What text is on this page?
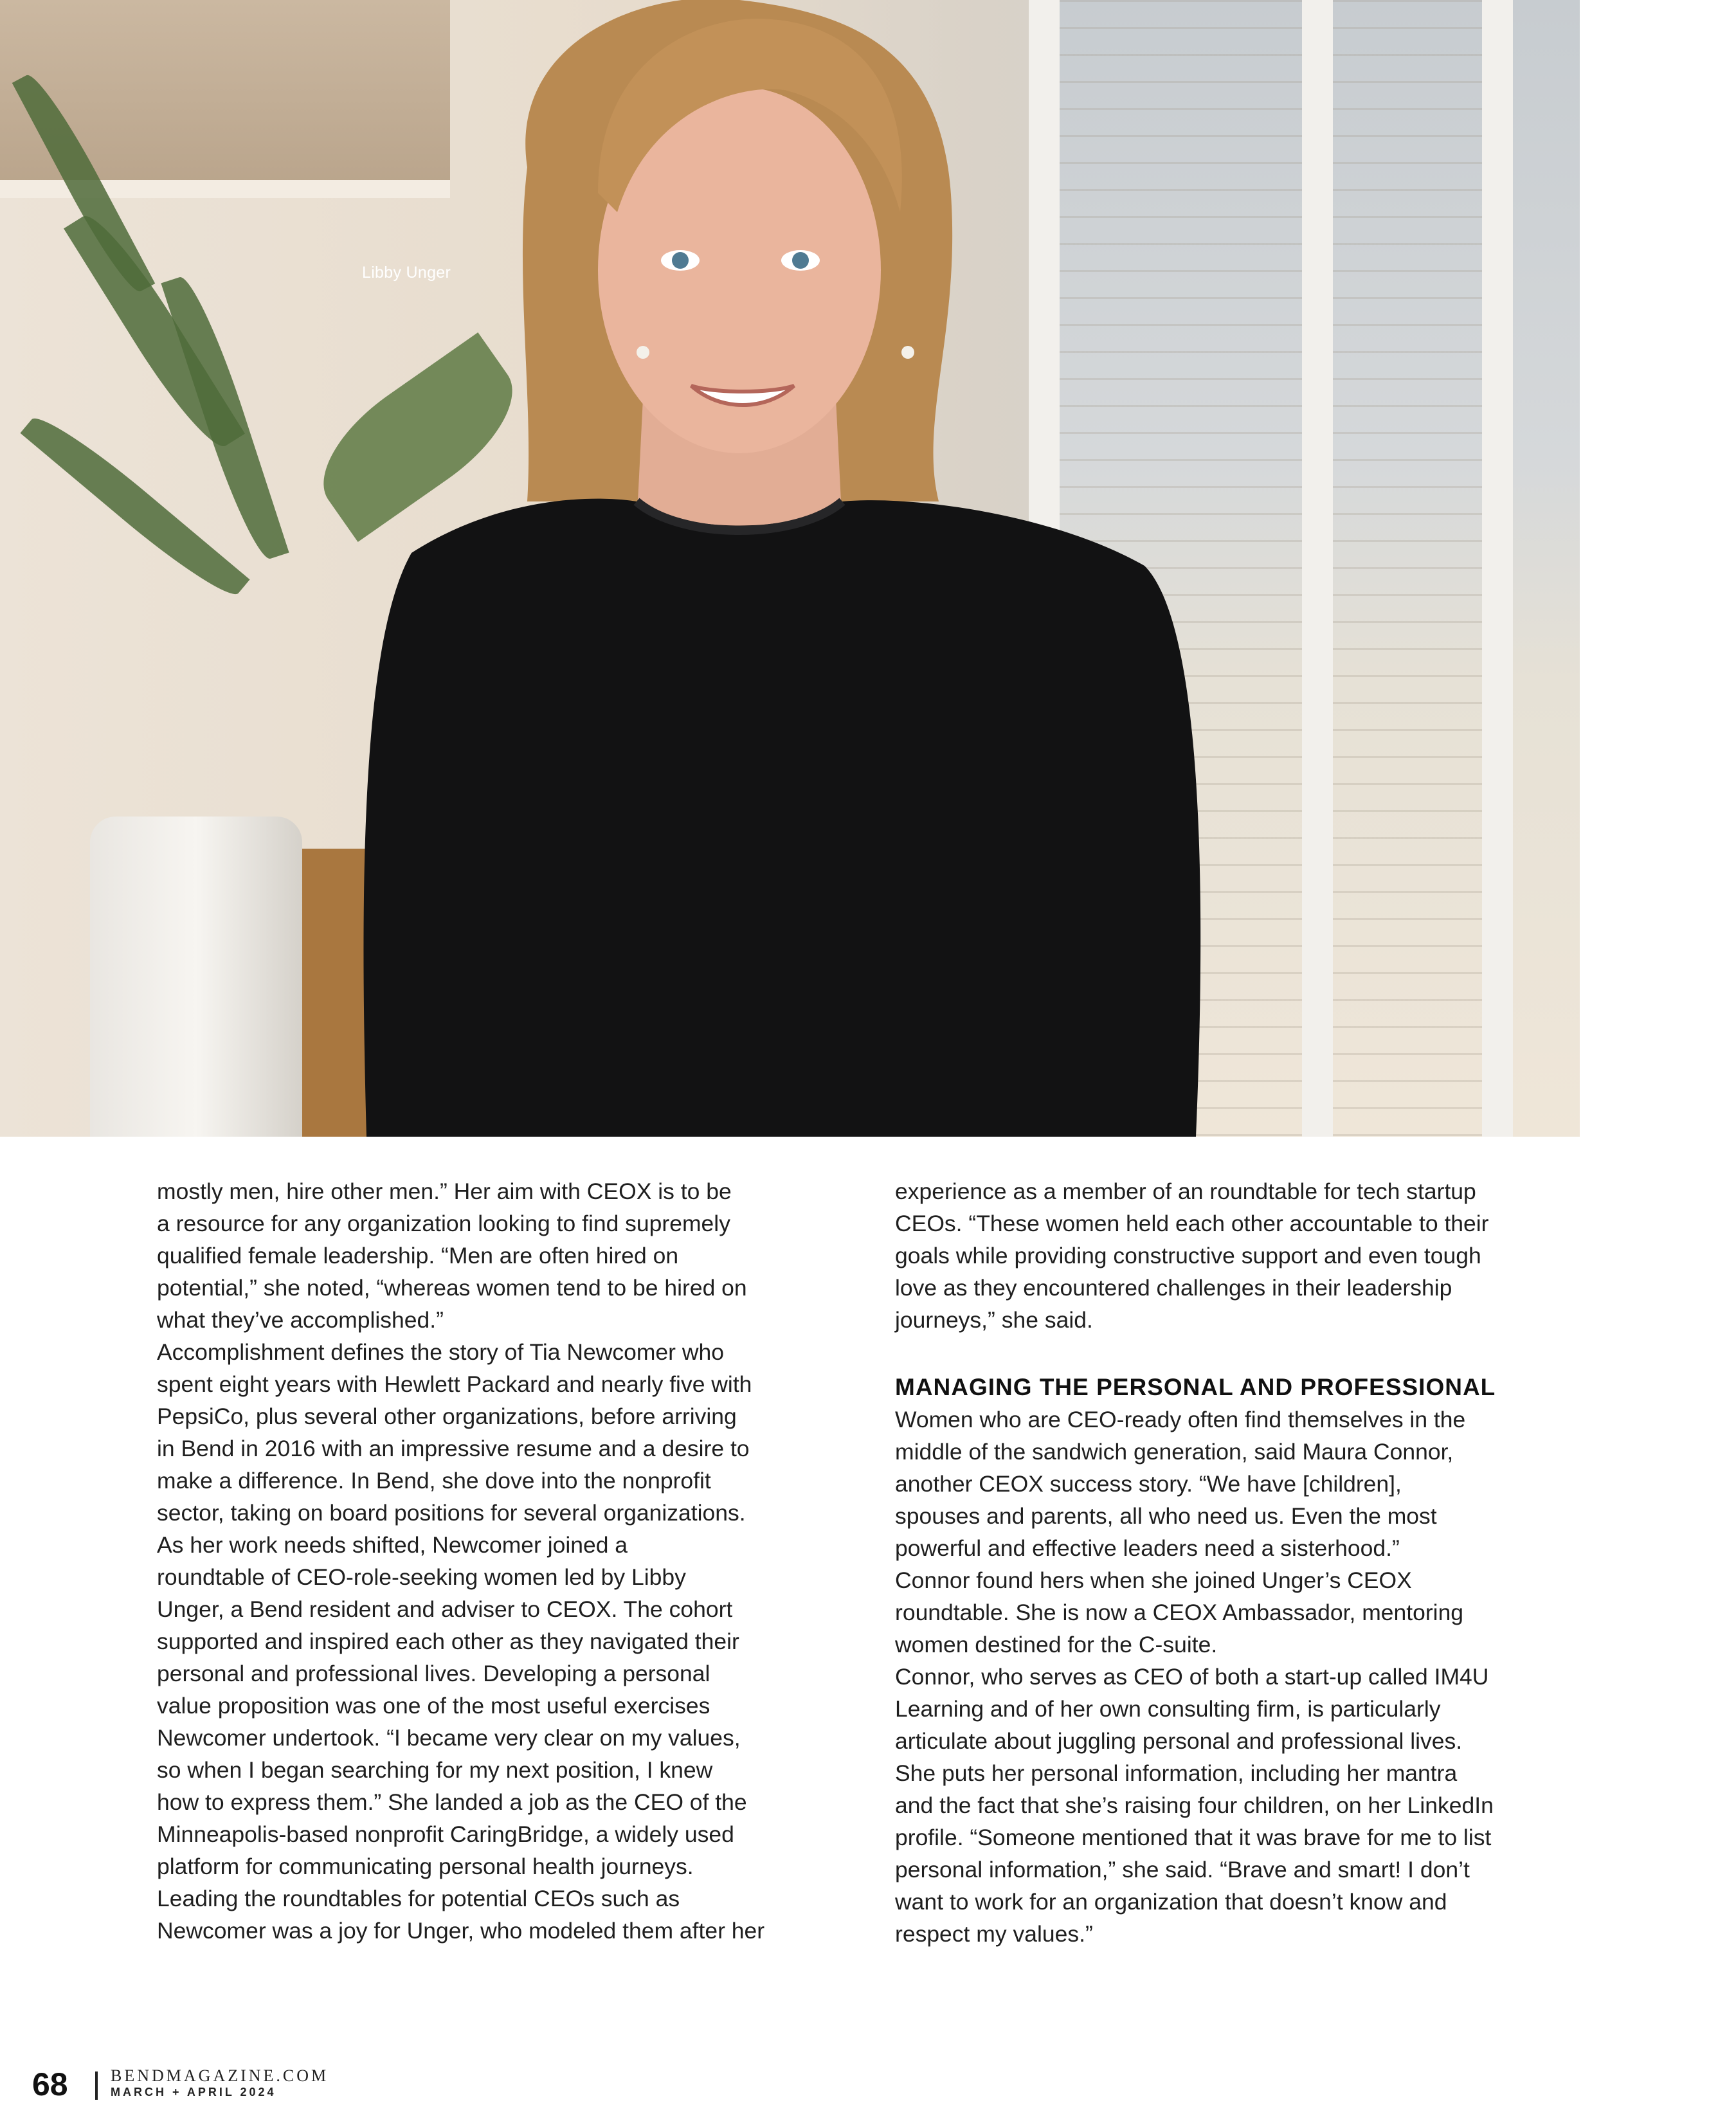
Libby Unger
mostly men, hire other men.” Her aim with CEOX is to be
a resource for any organization looking to find supremely
qualified female leadership. “Men are often hired on
potential,” she noted, “whereas women tend to be hired on
what they’ve accomplished.”
Accomplishment defines the story of Tia Newcomer who
spent eight years with Hewlett Packard and nearly five with
PepsiCo, plus several other organizations, before arriving
in Bend in 2016 with an impressive resume and a desire to
make a difference. In Bend, she dove into the nonprofit
sector, taking on board positions for several organizations.
As her work needs shifted, Newcomer joined a
roundtable of CEO-role-seeking women led by Libby
Unger, a Bend resident and adviser to CEOX. The cohort
supported and inspired each other as they navigated their
personal and professional lives. Developing a personal
value proposition was one of the most useful exercises
Newcomer undertook. “I became very clear on my values,
so when I began searching for my next position, I knew
how to express them.” She landed a job as the CEO of the
Minneapolis-based nonprofit CaringBridge, a widely used
platform for communicating personal health journeys.
Leading the roundtables for potential CEOs such as
Newcomer was a joy for Unger, who modeled them after her
experience as a member of an roundtable for tech startup
CEOs. “These women held each other accountable to their
goals while providing constructive support and even tough
love as they encountered challenges in their leadership
journeys,” she said.
MANAGING THE PERSONAL AND PROFESSIONAL
Women who are CEO-ready often find themselves in the
middle of the sandwich generation, said Maura Connor,
another CEOX success story. “We have [children],
spouses and parents, all who need us. Even the most
powerful and effective leaders need a sisterhood.”
Connor found hers when she joined Unger’s CEOX
roundtable. She is now a CEOX Ambassador, mentoring
women destined for the C-suite.
Connor, who serves as CEO of both a start-up called IM4U
Learning and of her own consulting firm, is particularly
articulate about juggling personal and professional lives.
She puts her personal information, including her mantra
and the fact that she’s raising four children, on her LinkedIn
profile. “Someone mentioned that it was brave for me to list
personal information,” she said. “Brave and smart! I don’t
want to work for an organization that doesn’t know and
respect my values.”
68	BENDMAGAZINE.COM
MARCH + APRIL 2024
